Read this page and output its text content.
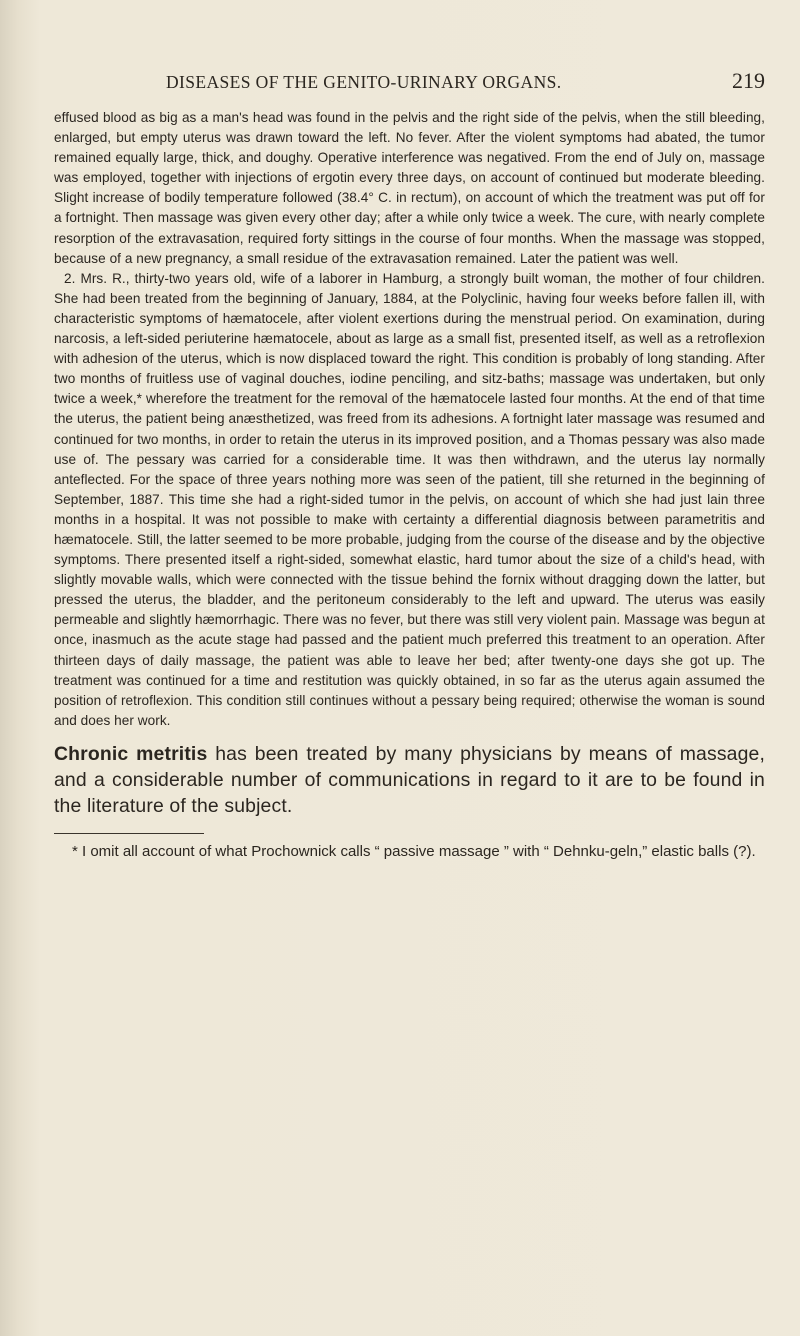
DISEASES OF THE GENITO-URINARY ORGANS.	219

effused blood as big as a man's head was found in the pelvis and the right side of the pelvis, when the still bleeding, enlarged, but empty uterus was drawn toward the left. No fever. After the violent symptoms had abated, the tumor remained equally large, thick, and doughy. Operative interference was negatived. From the end of July on, massage was employed, together with injections of ergotin every three days, on account of continued but moderate bleeding. Slight increase of bodily temperature followed (38.4° C. in rectum), on account of which the treatment was put off for a fortnight. Then massage was given every other day; after a while only twice a week. The cure, with nearly complete resorption of the extravasation, required forty sittings in the course of four months. When the massage was stopped, because of a new pregnancy, a small residue of the extravasation remained. Later the patient was well.

2. Mrs. R., thirty-two years old, wife of a laborer in Hamburg, a strongly built woman, the mother of four children. She had been treated from the beginning of January, 1884, at the Polyclinic, having four weeks before fallen ill, with characteristic symptoms of hæmatocele, after violent exertions during the menstrual period. On examination, during narcosis, a left-sided periuterine hæmatocele, about as large as a small fist, presented itself, as well as a retroflexion with adhesion of the uterus, which is now displaced toward the right. This condition is probably of long standing. After two months of fruitless use of vaginal douches, iodine penciling, and sitz-baths; massage was undertaken, but only twice a week,* wherefore the treatment for the removal of the hæmatocele lasted four months. At the end of that time the uterus, the patient being anæsthetized, was freed from its adhesions. A fortnight later massage was resumed and continued for two months, in order to retain the uterus in its improved position, and a Thomas pessary was also made use of. The pessary was carried for a considerable time. It was then withdrawn, and the uterus lay normally anteflected. For the space of three years nothing more was seen of the patient, till she returned in the beginning of September, 1887. This time she had a right-sided tumor in the pelvis, on account of which she had just lain three months in a hospital. It was not possible to make with certainty a differential diagnosis between parametritis and hæmatocele. Still, the latter seemed to be more probable, judging from the course of the disease and by the objective symptoms. There presented itself a right-sided, somewhat elastic, hard tumor about the size of a child's head, with slightly movable walls, which were connected with the tissue behind the fornix without dragging down the latter, but pressed the uterus, the bladder, and the peritoneum considerably to the left and upward. The uterus was easily permeable and slightly hæmorrhagic. There was no fever, but there was still very violent pain. Massage was begun at once, inasmuch as the acute stage had passed and the patient much preferred this treatment to an operation. After thirteen days of daily massage, the patient was able to leave her bed; after twenty-one days she got up. The treatment was continued for a time and restitution was quickly obtained, in so far as the uterus again assumed the position of retroflexion. This condition still continues without a pessary being required; otherwise the woman is sound and does her work.

Chronic metritis has been treated by many physicians by means of massage, and a considerable number of communications in regard to it are to be found in the literature of the subject.
* I omit all account of what Prochownick calls “ passive massage ” with “ Dehnku-geln,” elastic balls (?).
